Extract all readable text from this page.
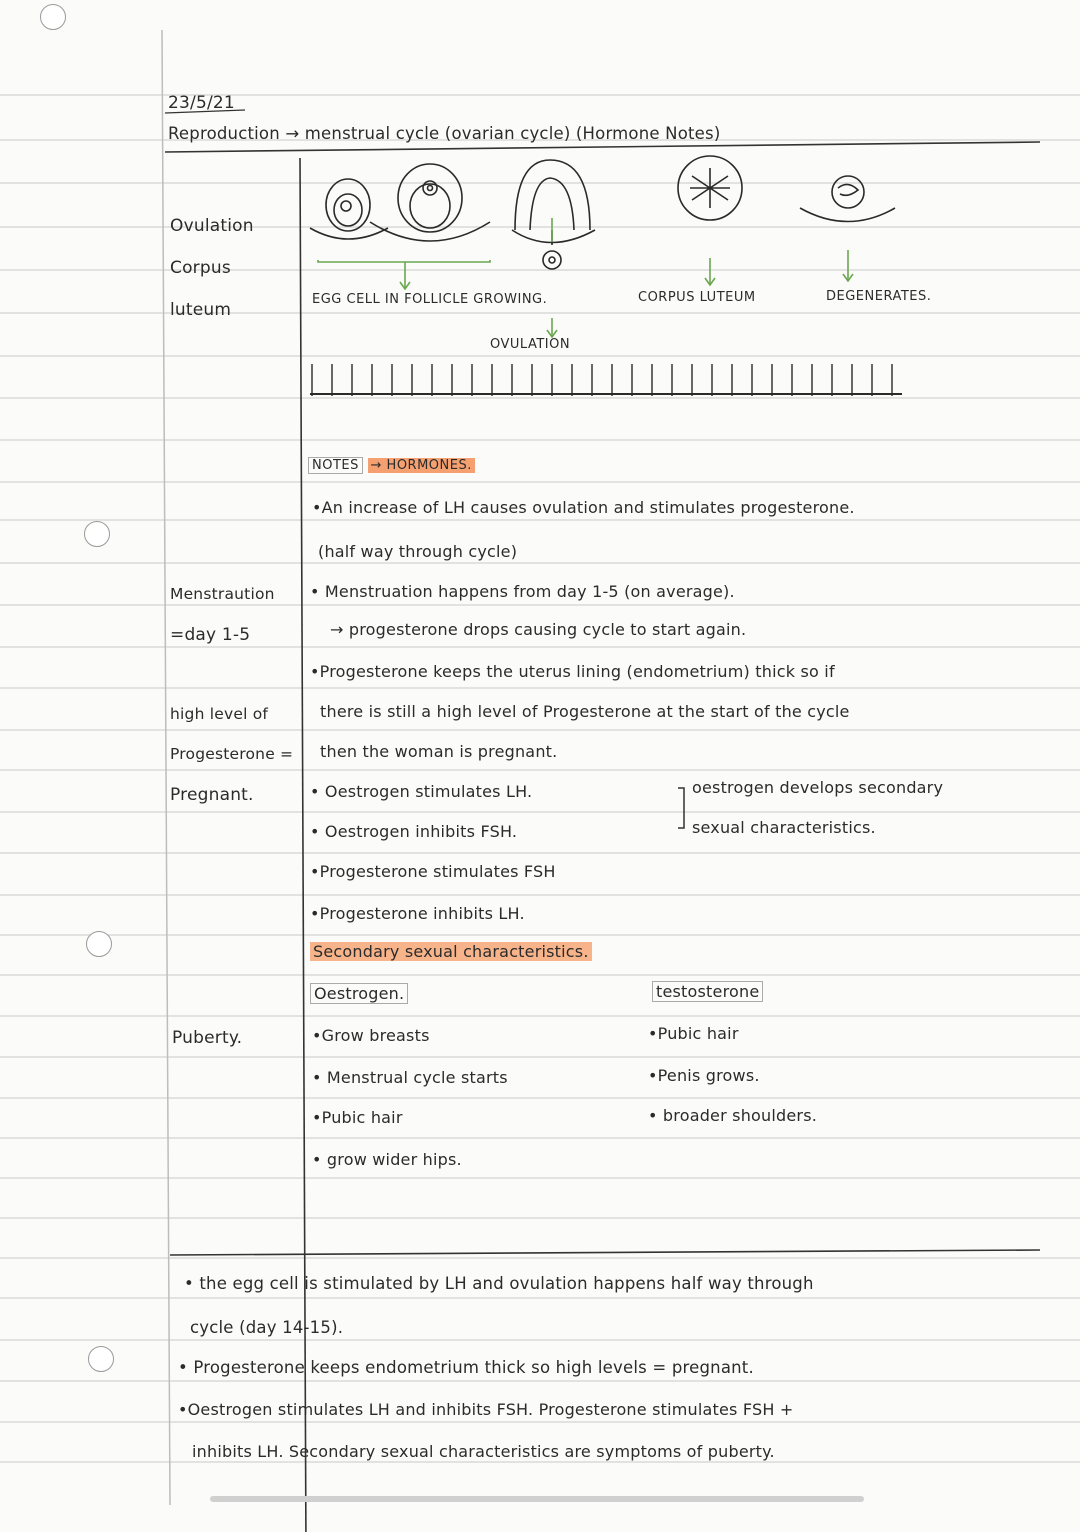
23/5/21
Reproduction → menstrual cycle (ovarian cycle) (Hormone Notes)
Ovulation
Corpus
luteum
Menstraution
=day 1-5
high level of
Progesterone =
Pregnant.
Puberty.
EGG CELL IN FOLLICLE GROWING.	CORPUS LUTEUM	DEGENERATES.
OVULATION
NOTES → HORMONES.
•An increase of LH causes ovulation and stimulates progesterone.
(half way through cycle)
• Menstruation happens from day 1-5 (on average).
→ progesterone drops causing cycle to start again.
•Progesterone keeps the uterus lining (endometrium) thick so if
there is still a high level of Progesterone at the start of the cycle
then the woman is pregnant.
• Oestrogen stimulates LH.
• Oestrogen inhibits FSH.
•Progesterone stimulates FSH
•Progesterone inhibits LH.
oestrogen develops secondary
sexual characteristics.
Secondary sexual characteristics.
Oestrogen.
•Grow breasts
• Menstrual cycle starts
•Pubic hair
• grow wider hips.
testosterone
•Pubic hair
•Penis grows.
• broader shoulders.
• the egg cell is stimulated by LH and ovulation happens half way through
cycle (day 14-15).
• Progesterone keeps endometrium thick so high levels = pregnant.
•Oestrogen stimulates LH and inhibits FSH. Progesterone stimulates FSH +
inhibits LH. Secondary sexual characteristics are symptoms of puberty.
